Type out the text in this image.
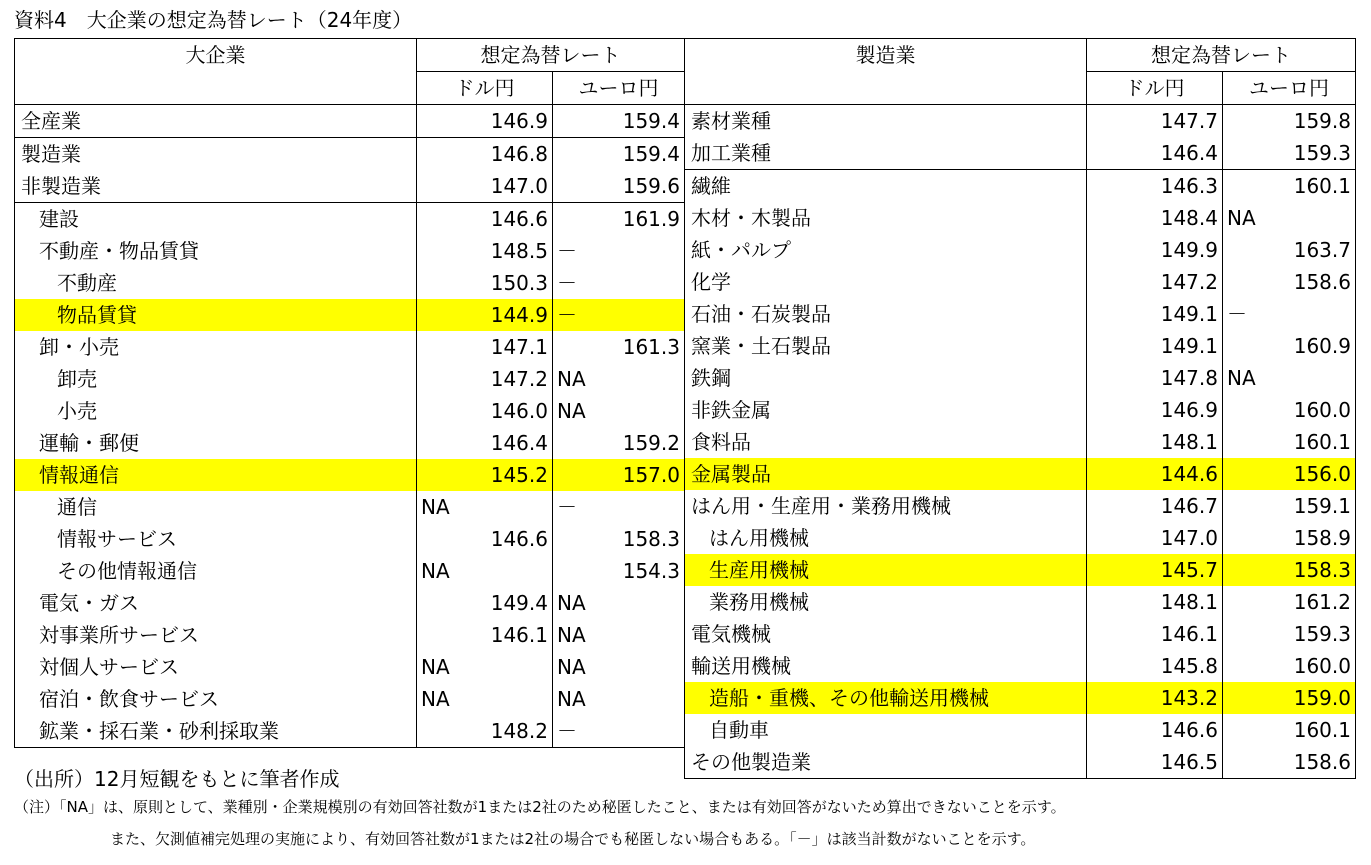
資料4　大企業の想定為替レート（24年度）
大企業	想定為替レート	
	ドル円	ユーロ円
全産業	146.9	159.4
製造業	146.8	159.4
非製造業	147.0	159.6
建設	146.6	161.9
不動産・物品賃貸	148.5	－
不動産	150.3	－
物品賃貸	144.9	－
卸・小売	147.1	161.3
卸売	147.2	NA
小売	146.0	NA
運輸・郵便	146.4	159.2
情報通信	145.2	157.0
通信	NA	－
情報サービス	146.6	158.3
その他情報通信	NA	154.3
電気・ガス	149.4	NA
対事業所サービス	146.1	NA
対個人サービス	NA	NA
宿泊・飲食サービス	NA	NA
鉱業・採石業・砂利採取業	148.2	－
製造業	想定為替レート	
	ドル円	ユーロ円
素材業種	147.7	159.8
加工業種	146.4	159.3
繊維	146.3	160.1
木材・木製品	148.4	NA
紙・パルプ	149.9	163.7
化学	147.2	158.6
石油・石炭製品	149.1	－
窯業・土石製品	149.1	160.9
鉄鋼	147.8	NA
非鉄金属	146.9	160.0
食料品	148.1	160.1
金属製品	144.6	156.0
はん用・生産用・業務用機械	146.7	159.1
はん用機械	147.0	158.9
生産用機械	145.7	158.3
業務用機械	148.1	161.2
電気機械	146.1	159.3
輸送用機械	145.8	160.0
造船・重機、その他輸送用機械	143.2	159.0
自動車	146.6	160.1
その他製造業	146.5	158.6
（出所）12月短観をもとに筆者作成
（注）「NA」は、原則として、業種別・企業規模別の有効回答社数が1または2社のため秘匿したこと、または有効回答がないため算出できないことを示す。
また、欠測値補完処理の実施により、有効回答社数が1または2社の場合でも秘匿しない場合もある。「－」は該当計数がないことを示す。
